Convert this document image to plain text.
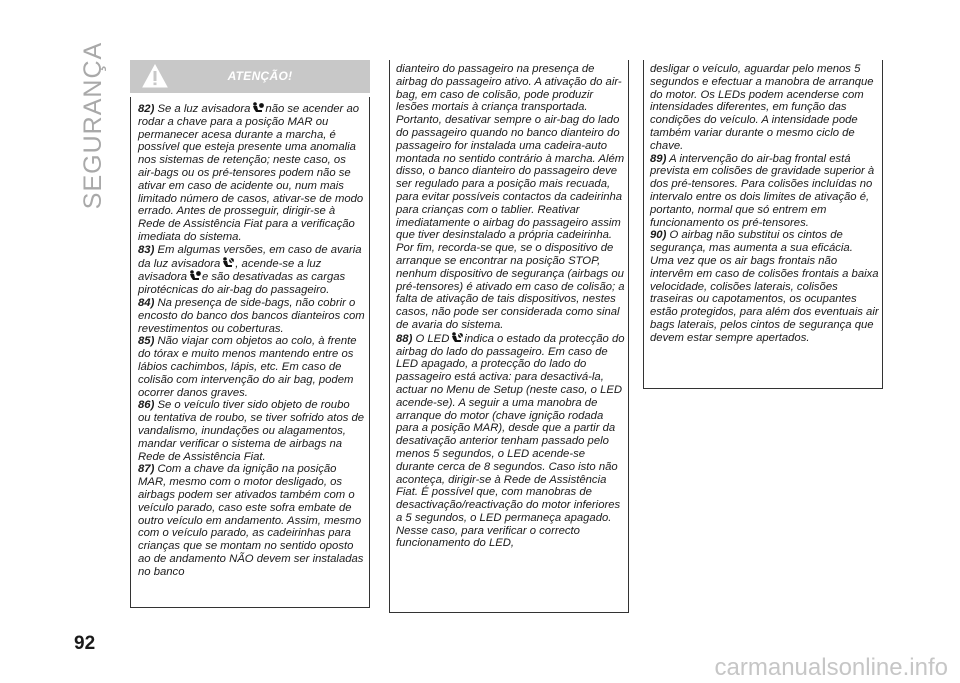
SEGURANÇA	ATENÇÃO!

82) Se a luz avisadora não se acender ao rodar a chave para a posição MAR ou permanecer acesa durante a marcha, é possível que esteja presente uma anomalia nos sistemas de retenção; neste caso, os air-bags ou os pré-tensores podem não se ativar em caso de acidente ou, num mais limitado número de casos, ativar-se de modo errado. Antes de prosseguir, dirigir-se à Rede de Assistência Fiat para a verificação imediata do sistema.

83) Em algumas versões, em caso de avaria da luz avisadora , acende-se a luz avisadora e são desativadas as cargas pirotécnicas do air-bag do passageiro.

84) Na presença de side-bags, não cobrir o encosto do banco dos bancos dianteiros com revestimentos ou coberturas.

85) Não viajar com objetos ao colo, à frente do tórax e muito menos mantendo entre os lábios cachimbos, lápis, etc. Em caso de colisão com intervenção do air bag, podem ocorrer danos graves.

86) Se o veículo tiver sido objeto de roubo ou tentativa de roubo, se tiver sofrido atos de vandalismo, inundações ou alagamentos, mandar verificar o sistema de airbags na Rede de Assistência Fiat.

87) Com a chave da ignição na posição MAR, mesmo com o motor desligado, os airbags podem ser ativados também com o veículo parado, caso este sofra embate de outro veículo em andamento. Assim, mesmo com o veículo parado, as cadeirinhas para crianças que se montam no sentido oposto ao de andamento NÃO devem ser instaladas no banco

dianteiro do passageiro na presença de airbag do passageiro ativo. A ativação do air-bag, em caso de colisão, pode produzir lesões mortais à criança transportada. Portanto, desativar sempre o air-bag do lado do passageiro quando no banco dianteiro do passageiro for instalada uma cadeira-auto montada no sentido contrário à marcha. Além disso, o banco dianteiro do passageiro deve ser regulado para a posição mais recuada, para evitar possíveis contactos da cadeirinha para crianças com o tablier. Reativar imediatamente o airbag do passageiro assim que tiver desinstalado a própria cadeirinha. Por fim, recorda-se que, se o dispositivo de arranque se encontrar na posição STOP, nenhum dispositivo de segurança (airbags ou pré-tensores) é ativado em caso de colisão; a falta de ativação de tais dispositivos, nestes casos, não pode ser considerada como sinal de avaria do sistema.

88) O LED indica o estado da protecção do airbag do lado do passageiro. Em caso de LED apagado, a protecção do lado do passageiro está activa: para desactivá-la, actuar no Menu de Setup (neste caso, o LED acende-se). A seguir a uma manobra de arranque do motor (chave ignição rodada para a posição MAR), desde que a partir da desativação anterior tenham passado pelo menos 5 segundos, o LED acende-se durante cerca de 8 segundos. Caso isto não aconteça, dirigir-se à Rede de Assistência Fiat. É possível que, com manobras de desactivação/reactivação do motor inferiores a 5 segundos, o LED permaneça apagado. Nesse caso, para verificar o correcto funcionamento do LED,

desligar o veículo, aguardar pelo menos 5 segundos e efectuar a manobra de arranque do motor. Os LEDs podem acenderse com intensidades diferentes, em função das condições do veículo. A intensidade pode também variar durante o mesmo ciclo de chave.

89) A intervenção do air-bag frontal está prevista em colisões de gravidade superior à dos pré-tensores. Para colisões incluídas no intervalo entre os dois limites de ativação é, portanto, normal que só entrem em funcionamento os pré-tensores.

90) O airbag não substitui os cintos de segurança, mas aumenta a sua eficácia. Uma vez que os air bags frontais não intervêm em caso de colisões frontais a baixa velocidade, colisões laterais, colisões traseiras ou capotamentos, os ocupantes estão protegidos, para além dos eventuais air bags laterais, pelos cintos de segurança que devem estar sempre apertados.

92
carmanualsonline.info
